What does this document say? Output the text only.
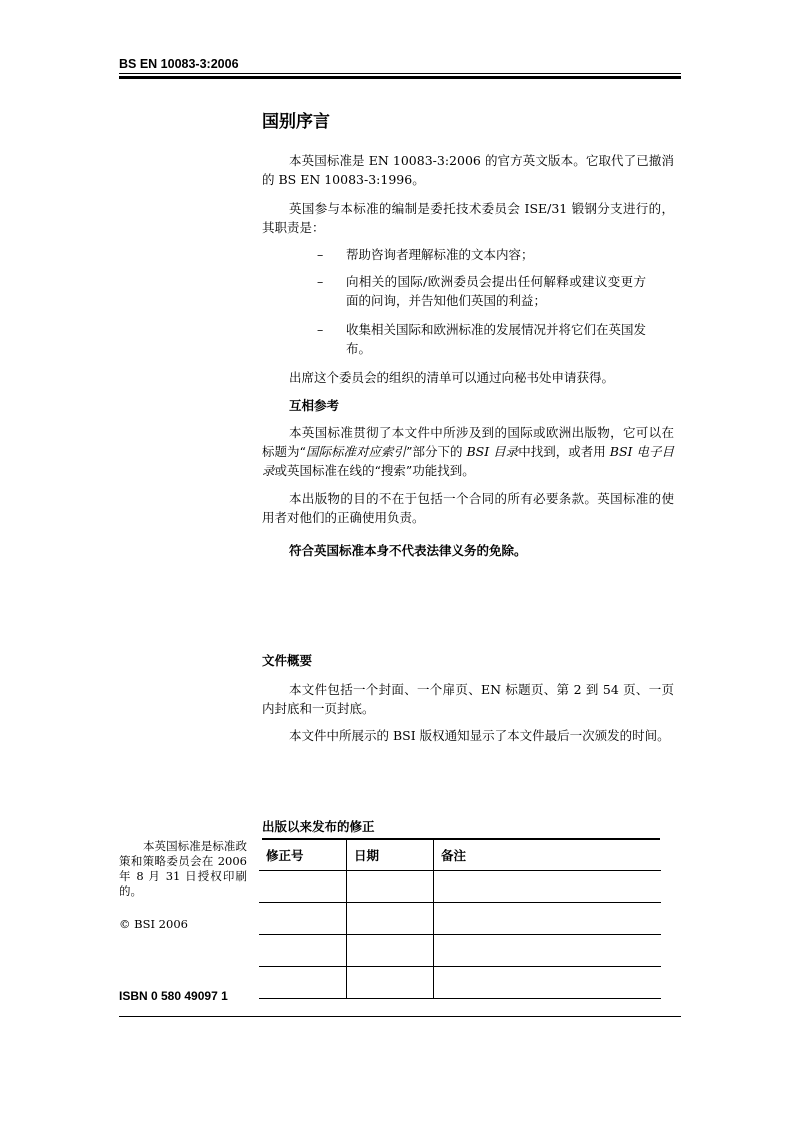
BS EN 10083-3:2006
国别序言

本英国标准是 EN 10083-3:2006 的官方英文版本。它取代了已撤消的 BS EN 10083-3:1996。

英国参与本标准的编制是委托技术委员会 ISE/31 锻钢分支进行的，其职责是：

– 帮助咨询者理解标准的文本内容；
– 向相关的国际/欧洲委员会提出任何解释或建议变更方面的问询，并告知他们英国的利益；
– 收集相关国际和欧洲标准的发展情况并将它们在英国发布。

出席这个委员会的组织的清单可以通过向秘书处申请获得。

互相参考

本英国标准贯彻了本文件中所涉及到的国际或欧洲出版物，它可以在标题为“国际标准对应索引”部分下的 BSI 目录中找到，或者用 BSI 电子目录或英国标准在线的“搜索”功能找到。

本出版物的目的不在于包括一个合同的所有必要条款。英国标准的使用者对他们的正确使用负责。

符合英国标准本身不代表法律义务的免除。
文件概要

本文件包括一个封面、一个扉页、EN 标题页、第 2 到 54 页、一页内封底和一页封底。

本文件中所展示的 BSI 版权通知显示了本文件最后一次颁发的时间。

出版以来发布的修正
修正号	日期	备注

本英国标准是标准政策和策略委员会在 2006 年 8 月 31 日授权印刷的。
© BSI 2006
ISBN 0 580 49097 1
